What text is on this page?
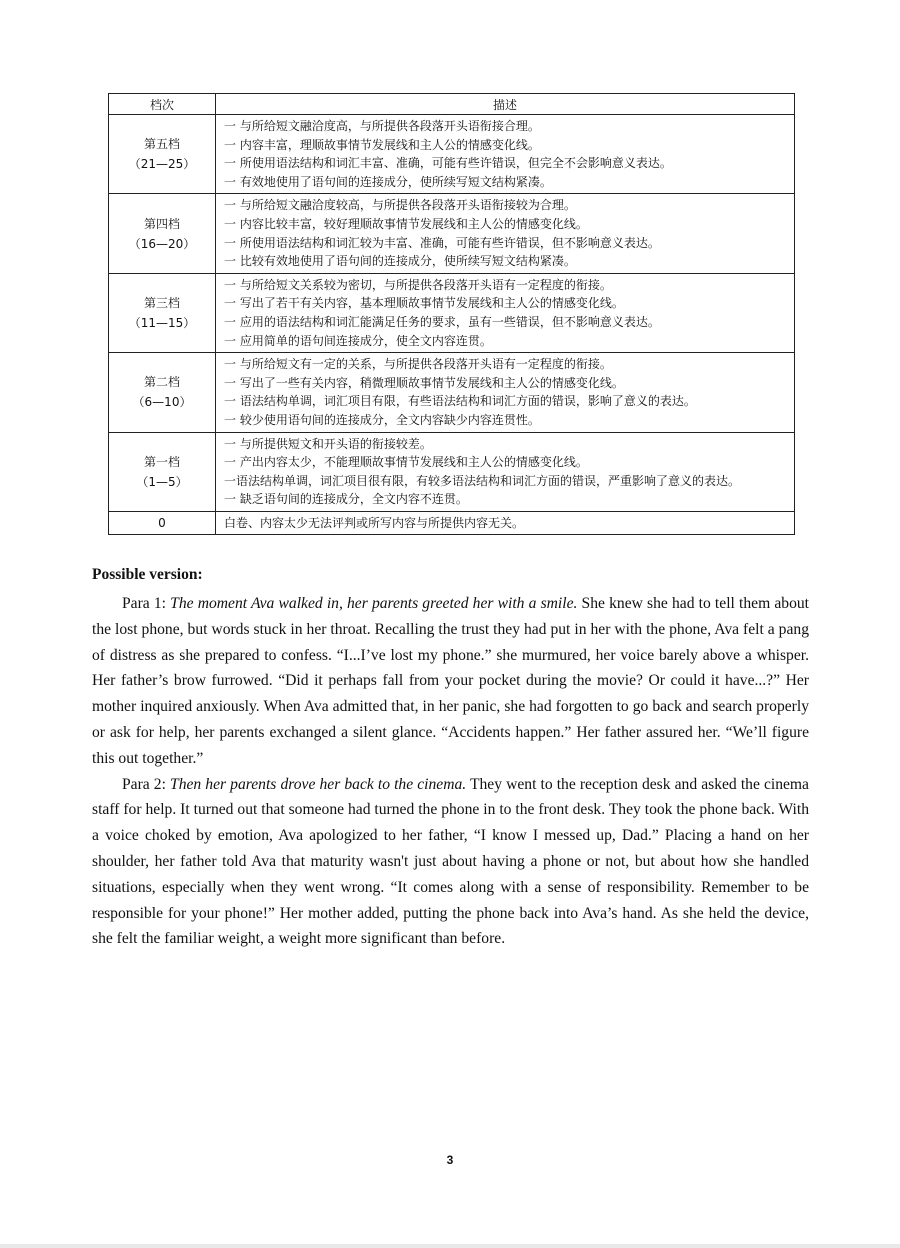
档次	描述

第五档
（21—25）	一 与所给短文融洽度高，与所提供各段落开头语衔接合理。
一 内容丰富，理顺故事情节发展线和主人公的情感变化线。
一 所使用语法结构和词汇丰富、准确，可能有些许错误，但完全不会影响意义表达。
一 有效地使用了语句间的连接成分，使所续写短文结构紧凑。

第四档
（16—20）	一 与所给短文融洽度较高，与所提供各段落开头语衔接较为合理。
一 内容比较丰富，较好理顺故事情节发展线和主人公的情感变化线。
一 所使用语法结构和词汇较为丰富、准确，可能有些许错误，但不影响意义表达。
一 比较有效地使用了语句间的连接成分，使所续写短文结构紧凑。

第三档
（11—15）	一 与所给短文关系较为密切，与所提供各段落开头语有一定程度的衔接。
一 写出了若干有关内容，基本理顺故事情节发展线和主人公的情感变化线。
一 应用的语法结构和词汇能满足任务的要求，虽有一些错误，但不影响意义表达。
一 应用简单的语句间连接成分，使全文内容连贯。

第二档
（6—10）	一 与所给短文有一定的关系，与所提供各段落开头语有一定程度的衔接。
一 写出了一些有关内容，稍微理顺故事情节发展线和主人公的情感变化线。
一 语法结构单调，词汇项目有限，有些语法结构和词汇方面的错误，影响了意义的表达。
一 较少使用语句间的连接成分，全文内容缺少内容连贯性。

第一档
（1—5）	一 与所提供短文和开头语的衔接较差。
一 产出内容太少，不能理顺故事情节发展线和主人公的情感变化线。
一语法结构单调，词汇项目很有限，有较多语法结构和词汇方面的错误，严重影响了意义的表达。
一 缺乏语句间的连接成分，全文内容不连贯。

0	白卷、内容太少无法评判或所写内容与所提供内容无关。
Possible version:

Para 1: The moment Ava walked in, her parents greeted her with a smile. She knew she had to tell them about the lost phone, but words stuck in her throat. Recalling the trust they had put in her with the phone, Ava felt a pang of distress as she prepared to confess. “I...I’ve lost my phone.” she murmured, her voice barely above a whisper. Her father’s brow furrowed. “Did it perhaps fall from your pocket during the movie? Or could it have...?” Her mother inquired anxiously. When Ava admitted that, in her panic, she had forgotten to go back and search properly or ask for help, her parents exchanged a silent glance. “Accidents happen.” Her father assured her. “We’ll figure this out together.”

Para 2: Then her parents drove her back to the cinema. They went to the reception desk and asked the cinema staff for help. It turned out that someone had turned the phone in to the front desk. They took the phone back. With a voice choked by emotion, Ava apologized to her father, “I know I messed up, Dad.” Placing a hand on her shoulder, her father told Ava that maturity wasn't just about having a phone or not, but about how she handled situations, especially when they went wrong. “It comes along with a sense of responsibility. Remember to be responsible for your phone!” Her mother added, putting the phone back into Ava’s hand. As she held the device, she felt the familiar weight, a weight more significant than before.

3
